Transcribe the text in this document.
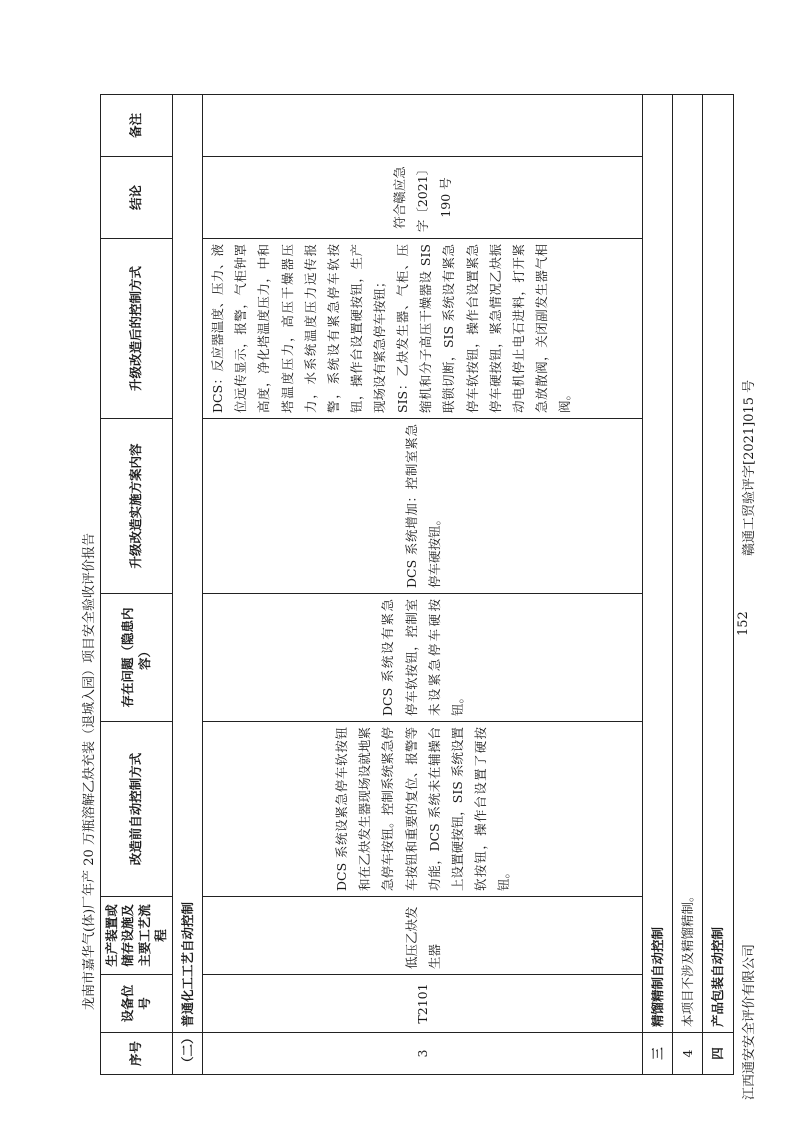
龙南市嘉华气(体)厂年产 20 万瓶溶解乙炔充装（退城入园）项目安全验收评价报告
序号	设备位号	生产装置或储存设施及主要工艺流程	改造前自动控制方式	存在问题（隐患内容）	升级改造实施方案内容	升级改造后的控制方式	结论	备注
（二）	普通化工工艺自动控制							
3	T2101	低压乙炔发生器	DCS 系统设紧急停车软按钮和在乙炔发生器现场设就地紧急停车按钮。控制系统紧急停车按钮和重要的复位、报警等功能，DCS 系统未在辅操台上设置硬按钮，SIS 系统设置软按钮，操作台设置了硬按钮。	DCS 系统设有紧急停车软按钮，控制室未设紧急停车硬按钮。	DCS 系统增加：控制室紧急停车硬按钮。	DCS：反应器温度、压力、液位远传显示，报警，气柜钟罩高度，净化塔温度压力，中和塔温度压力，高压干燥器压力，水系统温度压力远传报警，系统设有紧急停车软按钮，操作台设置硬按钮，生产现场设有紧急停车按钮； SIS：乙炔发生器、气柜、压缩机和分子高压干燥器设 SIS 联锁切断，SIS 系统设有紧急停车软按钮，操作台设置紧急停车硬按钮，紧急情况乙炔振动电机停止电石进料，打开紧急放散阀，关闭副发生器气相阀。	符合赣应急字〔2021〕190 号	
三	精馏精制自动控制							
4	本项目不涉及精馏精制。							
四	产品包装自动控制								江西通安安全评价有限公司
152
赣通工贸验评字[2021]015 号
